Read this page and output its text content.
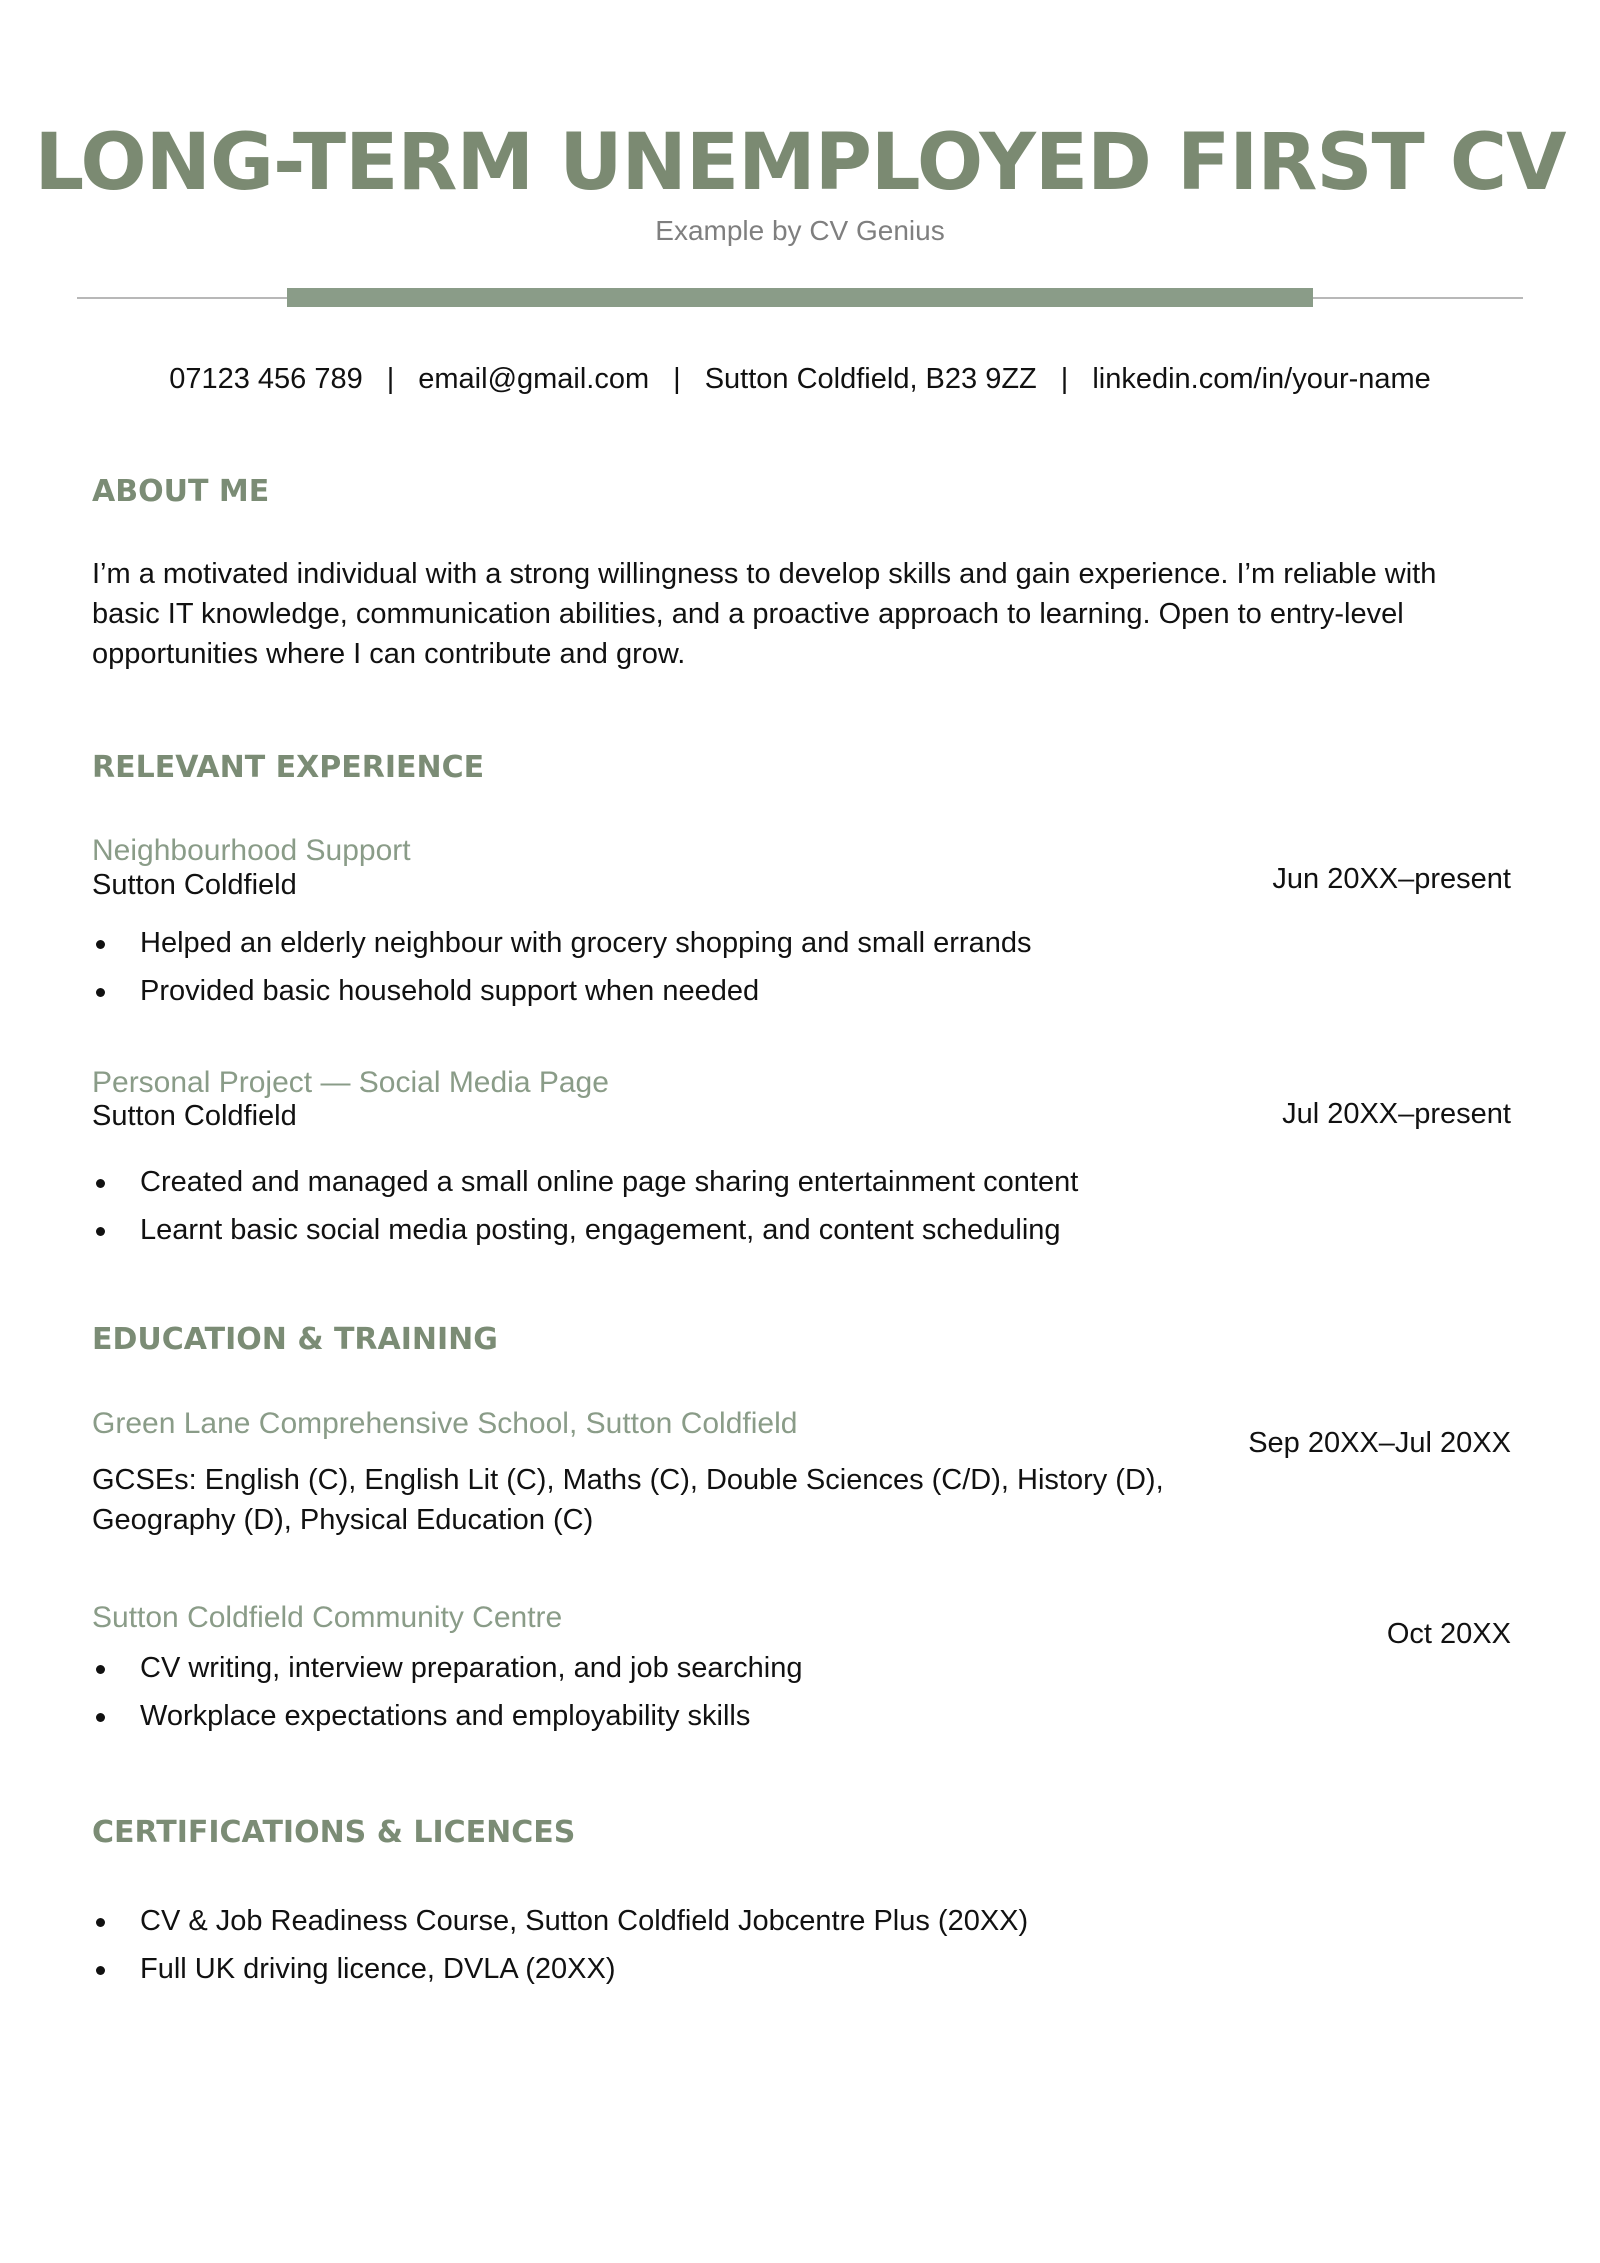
LONG-TERM UNEMPLOYED FIRST CV
Example by CV Genius
07123 456 789 | email@gmail.com | Sutton Coldfield, B23 9ZZ | linkedin.com/in/your-name
ABOUT ME
I’m a motivated individual with a strong willingness to develop skills and gain experience. I’m reliable with basic IT knowledge, communication abilities, and a proactive approach to learning. Open to entry-level opportunities where I can contribute and grow.
RELEVANT EXPERIENCE
Neighbourhood Support
Sutton Coldfield	Jun 20XX–present
Helped an elderly neighbour with grocery shopping and small errands
Provided basic household support when needed
Personal Project — Social Media Page
Sutton Coldfield	Jul 20XX–present
Created and managed a small online page sharing entertainment content
Learnt basic social media posting, engagement, and content scheduling
EDUCATION & TRAINING
Green Lane Comprehensive School, Sutton Coldfield
Sep 20XX–Jul 20XX
GCSEs: English (C), English Lit (C), Maths (C), Double Sciences (C/D), History (D), Geography (D), Physical Education (C)
Sutton Coldfield Community Centre	Oct 20XX
CV writing, interview preparation, and job searching
Workplace expectations and employability skills
CERTIFICATIONS & LICENCES
CV & Job Readiness Course, Sutton Coldfield Jobcentre Plus (20XX)
Full UK driving licence, DVLA (20XX)
